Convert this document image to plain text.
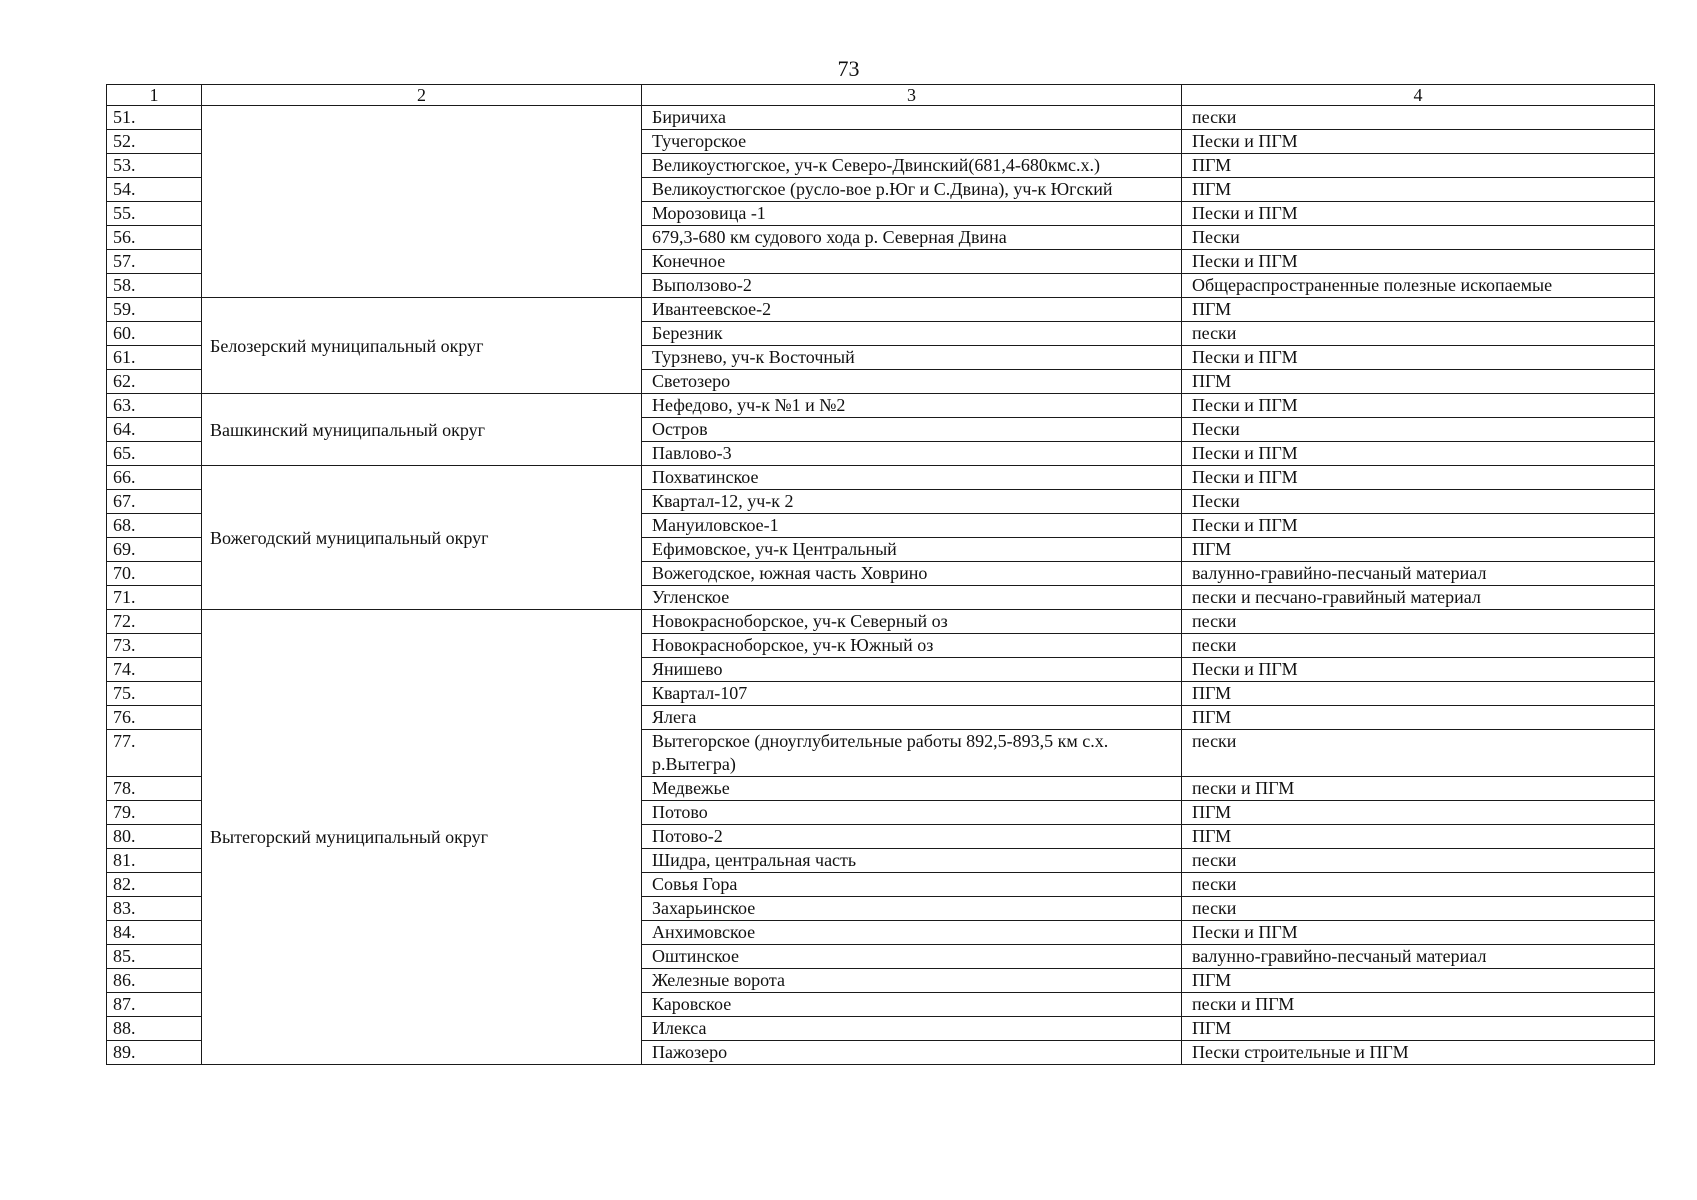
73
1	2	3	4
51.		Биричиха	пески
52.		Тучегорское	Пески и ПГМ
53.		Великоустюгское, уч-к Северо-Двинский(681,4-680кмс.х.)	ПГМ
54.		Великоустюгское (русло-вое р.Юг и С.Двина), уч-к Югский	ПГМ
55.		Морозовица -1	Пески и ПГМ
56.		679,3-680 км судового хода р. Северная Двина	Пески
57.		Конечное	Пески и ПГМ
58.		Выползово-2	Общераспространенные полезные ископаемые
59.	Белозерский муниципальный округ	Ивантеевское-2	ПГМ
60.		Березник	пески
61.		Турзнево, уч-к Восточный	Пески и ПГМ
62.		Светозеро	ПГМ
63.	Вашкинский муниципальный округ	Нефедово, уч-к №1 и №2	Пески и ПГМ
64.		Остров	Пески
65.		Павлово-3	Пески и ПГМ
66.	Вожегодский муниципальный округ	Похватинское	Пески и ПГМ
67.		Квартал-12, уч-к 2	Пески
68.		Мануиловское-1	Пески и ПГМ
69.		Ефимовское, уч-к Центральный	ПГМ
70.		Вожегодское, южная часть Ховрино	валунно-гравийно-песчаный материал
71.		Угленское	пески и песчано-гравийный материал
72.	Вытегорский муниципальный округ	Новокрасноборское, уч-к Северный оз	пески
73.		Новокрасноборское, уч-к Южный оз	пески
74.		Янишево	Пески и ПГМ
75.		Квартал-107	ПГМ
76.		Ялега	ПГМ
77.		Вытегорское (дноуглубительные работы 892,5-893,5 км с.х. р.Вытегра)	пески
78.		Медвежье	пески и ПГМ
79.		Потово	ПГМ
80.		Потово-2	ПГМ
81.		Шидра, центральная часть	пески
82.		Совья Гора	пески
83.		Захарьинское	пески
84.		Анхимовское	Пески и ПГМ
85.		Оштинское	валунно-гравийно-песчаный материал
86.		Железные ворота	ПГМ
87.		Каровское	пески и ПГМ
88.		Илекса	ПГМ
89.		Пажозеро	Пески строительные и ПГМ
